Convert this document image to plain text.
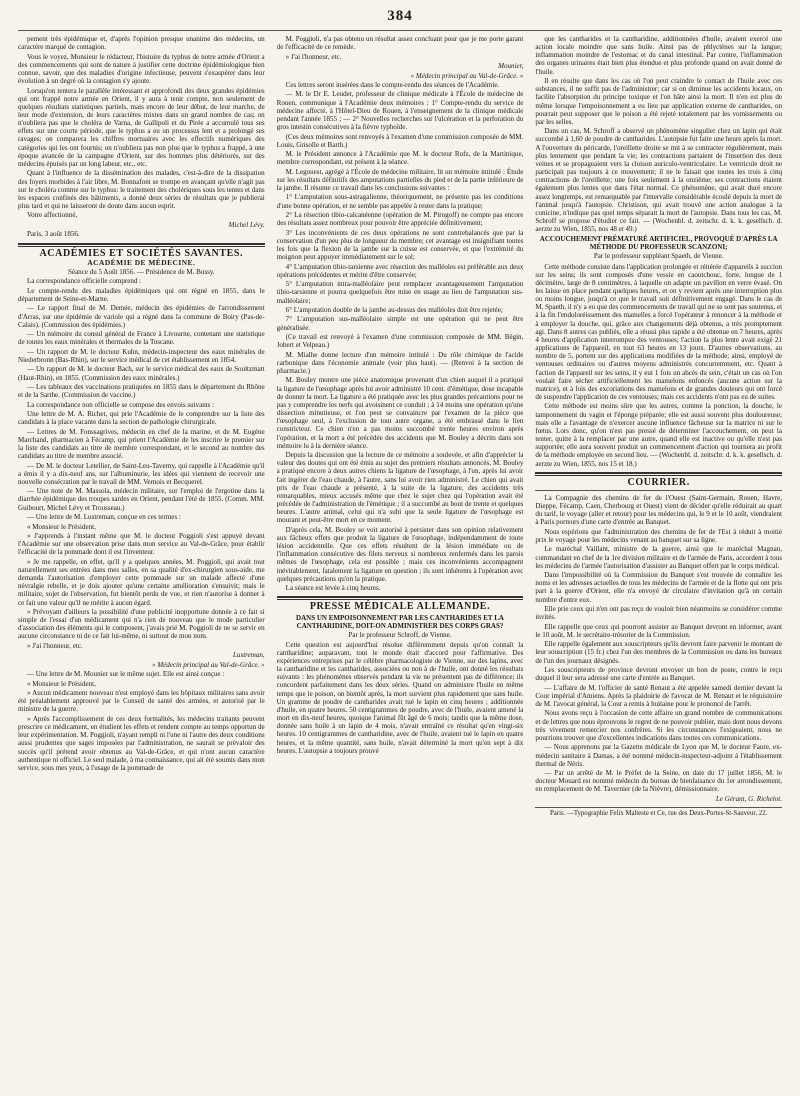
384

pement très épidémique et, d'après l'opinion presque unanime des médecins, un caractère marqué de contagion.

Vous le voyez, Monsieur le rédacteur, l'histoire du typhus de notre armée d'Orient a des commencements qui sont de nature à justifier cette doctrine épidémiologique bien connue, savoir, que des maladies d'origine infectieuse, peuvent s'exaspérer dans leur évolution à un degré où la contagion s'y ajoute.

Lorsqu'on tentera le parallèle intéressant et approfondi des deux grandes épidémies qui ont frappé notre armée en Orient, il y aura à tenir compte, non seulement de quelques résultats statistiques partiels, mais encore de leur début, de leur marche, de leur mode d'extension, de leurs caractères mixtes dans un grand nombre de cas; on n'oubliera pas que le choléra de Varna, de Gallipoli et du Pirée a accumulé tous ses effets sur une courte période, que le typhus a eu un processus lent et a prolongé ses ravages; on comparera les chiffres mortuaires avec les effectifs numériques des catégories qui les ont fournis; on n'oubliera pas non plus que le typhus a frappé, à une époque avancée de la campagne d'Orient, sur des hommes plus détériorés, sur des médecins épuisés par un long labeur, etc., etc.

Quant à l'influence de la dissémination des malades, c'est-à-dire de la dissipation des foyers morbides à l'air libre, M. Bonnafont se trompe en avançant qu'elle n'agit pas sur le choléra comme sur le typhus: le traitement des cholériques sous les tentes et dans les espaces confinés des bâtiments, a donné deux séries de résultats que je publierai plus tard et qui ne laisseront de doute dans aucun esprit.

Votre affectionné,

Michel Lévy.

Paris, 3 août 1856.

ACADÉMIES ET SOCIÉTÉS SAVANTES.
ACADÉMIE DE MÉDECINE.

Séance du 5 Août 1856. — Présidence de M. Bussy.

La correspondance officielle comprend :

Le compte-rendu des maladies épidémiques qui ont régné en 1855, dans le département de Seine-et-Marne.

— Le rapport final de M. Demée, médecin des épidémies de l'arrondissement d'Arras, sur une épidémie de variole qui a régné dans la commune de Boiry (Pas-de-Calais). (Commission des épidémies.)

— Un mémoire du consul général de France à Livourne, contenant une statistique de toutes les eaux minérales et thermales de la Toscane.

— Un rapport de M. le docteur Kuhn, médecin-inspecteur des eaux minérales de Niederbronn (Bas-Rhin), sur le service médical de cet établissement en 1854.

— Un rapport de M. le docteur Bach, sur le service médical des eaux de Soultzmatt (Haut-Rhin), en 1855. (Commission des eaux minérales.)

— Les tableaux des vaccinations pratiquées en 1855 dans le département du Rhône et de la Sarthe. (Commission de vaccine.)

La correspondance non officielle se compose des envois suivants :

Une lettre de M. A. Richet, qui prie l'Académie de le comprendre sur la liste des candidats à la place vacante dans la section de pathologie chirurgicale.

— Lettres de M. Fonssagrives, médecin en chef de la marine, et de M. Eugène Marchand, pharmacien à Fécamp, qui prient l'Académie de les inscrire le premier sur la liste des candidats au titre de membre correspondant, et le second au nombre des candidats au titre de membre associé.

— De M. le docteur Letellier, de Saint-Leu-Taverny, qui rappelle à l'Académie qu'il a émis il y a dix-neuf ans, sur l'albuminurie, les idées qui viennent de recevoir une nouvelle consécration par le travail de MM. Vernois et Becquerel.

— Une note de M. Massola, médecin militaire, sur l'emploi de l'ergotine dans la diarrhée épidémique des troupes sardes en Orient, pendant l'été de 1855. (Comm. MM. Guibourt, Michel Lévy et Trousseau.)

— Une lettre de M. Lustreman, conçue en ces termes :

« Monsieur le Président,

» J'apprends à l'instant même que M. le docteur Poggioli s'est appuyé devant l'Académie sur une observation prise dans mon service au Val-de-Grâce, pour établir l'efficacité de la pommade dont il est l'inventeur.

» Je me rappelle, en effet, qu'il y a quelques années, M. Poggioli, qui avait tout naturellement ses entrées dans mes salles, en sa qualité d'ex-chirurgien sous-aide, me demanda l'autorisation d'employer cette pommade sur un malade affecté d'une névralgie rebelle, et je dois ajouter qu'une certaine amélioration s'ensuivit; mais le militaire, sujet de l'observation, fut bientôt perdu de vue, et rien n'autorise à donner à ce fait une valeur qu'il ne mérite à aucun égard.

» Prévoyant d'ailleurs la possibilité d'une publicité inopportune donnée à ce fait si simple de l'essai d'un médicament qui n'a rien de nouveau que le mode particulier d'association des éléments qui le composent, j'avais prié M. Poggioli de ne se servir en aucune circonstance ni de ce fait lui-même, ni surtout de mon nom.

» J'ai l'honneur, etc.

Lustreman,

» Médecin principal au Val-de-Grâce. »

— Une lettre de M. Mounier sur le même sujet. Elle est ainsi conçue :

« Monsieur le Président,

» Aucun médicament nouveau n'est employé dans les hôpitaux militaires sans avoir été préalablement approuvé par le Conseil de santé des armées, et autorisé par le ministre de la guerre.

» Après l'accomplissement de ces deux formalités, les médecins traitants peuvent prescrire ce médicament, en étudient les effets et rendent compte au temps opportun de leur expérimentation. M. Poggioli, n'ayant rempli ni l'une ni l'autre des deux conditions aussi prudentes que sages imposées par l'administration, ne saurait se prévaloir des succès qu'il prétend avoir obtenus au Val-de-Grâce, et qui n'ont aucun caractère authentique ni officiel. Le seul malade, à ma connaissance, qui ait été soumis dans mon service, sous mes yeux, à l'usage de la pommade de

M. Poggioli, n'a pas obtenu un résultat assez concluant pour que je me porte garant de l'efficacité de ce remède.

» J'ai l'honneur, etc.

Mounier,

» Médecin principal au Val-de-Grâce. »

Ces lettres seront insérées dans le compte-rendu des séances de l'Académie.

— M. le Dr E. Leudet, professeur de clinique médicale à l'École de médecine de Rouen, communique à l'Académie deux mémoires : 1° Compte-rendu du service de médecine affecté, à l'Hôtel-Dieu de Rouen, à l'enseignement de la clinique médicale pendant l'année 1855 ; — 2° Nouvelles recherches sur l'ulcération et la perforation du gros intestin consécutives à la fièvre typhoïde.

(Ces deux mémoires sont renvoyés à l'examen d'une commission composée de MM. Louis, Grisolle et Barth.)

M. le Président annonce à l'Académie que M. le docteur Rufz, de la Martinique, membre correspondant, est présent à la séance.

M. Legouest, agrégé à l'École de médecine militaire, lit un mémoire intitulé : Étude sur les résultats définitifs des amputations partielles du pied et de la partie inférieure de la jambe. Il résume ce travail dans les conclusions suivantes :

1° L'amputation sous-astragalienne, théoriquement, ne présente pas les conditions d'une bonne opération, et ne semble pas appelée à rester dans la pratique;

2° La résection tibio-calcanéenne (opération de M. Pirogoff) ne compte pas encore des résultats assez nombreux pour pouvoir être appréciée définitivement;

3° Les inconvénients de ces deux opérations ne sont contrebalancés que par la conservation d'un peu plus de longueur du membre; cet avantage est insignifiant toutes les fois que la flexion de la jambe sur la cuisse est conservée, et que l'extrémité du moignon peut appuyer immédiatement sur le sol;

4° L'amputation tibio-tarsienne avec résection des malléoles est préférable aux deux opérations précédentes et mérite d'être conservée;

5° L'amputation intra-malléolaire peut remplacer avantageusement l'amputation tibio-tarsienne et pourra quelquefois être mise en usage au lieu de l'amputation sus-malléolaire;

6° L'amputation double de la jambe au-dessus des malléoles doit être rejetée;

7° L'amputation sus-malléolaire simple est une opération qui ne peut être généralisée.

(Ce travail est renvoyé à l'examen d'une commission composée de MM. Bégin, Jobert et Velpeau.)

M. Mialhe donne lecture d'un mémoire intitulé : Du rôle chimique de l'acide carbonique dans l'économie animale (voir plus haut). — (Renvoi à la section de pharmacie.)

M. Bouley montre une pièce anatomique provenant d'un chien auquel il a pratiqué la ligature de l'œsophage après lui avoir administré 10 cent. d'émétique, dose incapable de donner la mort. La ligature a été pratiquée avec les plus grandes précautions pour ne pas y comprendre les nerfs qui avoisinent ce conduit ; à 14 moins une opération qu'une dissection minutieuse, et l'on peut se convaincre par l'examen de la pièce que l'œsophage seul, à l'exclusion de tout autre organe, a été embrassé dans le lien constricteur. Ce chien n'en a pas moins succombé trente heures environ après l'opération, et la mort a été précédée des accidents que M. Bouley a décrits dans son mémoire lu à la dernière séance.

Depuis la discussion que la lecture de ce mémoire a soulevée, et afin d'apprécier la valeur des doutes qui ont été émis au sujet des premiers résultats annoncés, M. Bouley a pratiqué encore à deux autres chiens la ligature de l'œsophage, à l'un, après lui avoir fait ingérer de l'eau chaude, à l'autre, sans lui avoir rien administré. Le chien qui avait pris de l'eau chaude a présenté, à la suite de la ligature, des accidents très remarquables, mieux accusés même que chez le sujet chez qui l'opération avait été précédée de l'administration de l'émétique ; il a succombé au bout de trente et quelques heures. L'autre animal, celui qui n'a subi que la seule ligature de l'œsophage est mourant et peut-être mort en ce moment.

D'après cela, M. Bouley se voit autorisé à persister dans son opinion relativement aux fâcheux effets que produit la ligature de l'œsophage, indépendamment de toute lésion accidentelle. Que ces effets résultent de la lésion immédiate ou de l'inflammation consécutive des filets nerveux si nombreux renfermés dans les parois mêmes de l'œsophage, cela est possible ; mais ces inconvénients accompagnent inévitablement, fatalement la ligature en question ; ils sont inhérents à l'opération avec quelques précautions qu'on la pratique.

La séance est levée à cinq heures.

PRESSE MÉDICALE ALLEMANDE.
DANS UN EMPOISONNEMENT PAR LES CANTHARIDES ET LA CANTHARIDINE, DOIT-ON ADMINISTRER DES CORPS GRAS?
Par le professeur Schroff, de Vienne.

Cette question est aujourd'hui résolue différemment depuis qu'on connaît la cantharidine; auparavant, tout le monde était d'accord pour l'affirmative. Des expériences entreprises par le célèbre pharmacologiste de Vienne, sur des lapins, avec la cantharidine et les cantharides, associées ou non à de l'huile, ont donné les résultats suivants : les phénomènes observés pendant la vie ne présentent pas de différence; ils concordent parfaitement dans les deux séries. Quand on administre l'huile en même temps que le poison, on bientôt après, la mort survient plus rapidement que sans huile. Un gramme de poudre de cantharides avait tué le lapin en cinq heures ; additionnée d'huile, en quatre heures. 50 centigrammes de poudre, avec de l'huile, avaient amené la mort en dix-neuf heures, quoique l'animal fût âgé de 6 mois; tandis que la même dose, donnée sans huile à un lapin de 4 mois, n'avait entraîné ce résultat qu'en vingt-six heures. 10 centigrammes de cantharidine, avec de l'huile, avaient tué le lapin en quatre heures, et la même quantité, sans huile, n'avait déterminé la mort qu'en sept à dix heures. L'autopsie a toujours prouvé

que les cantharides et la cantharidine, additionnées d'huile, avaient exercé une action locale moindre que sans huile. Ainsi pas de phlyctènes sur la langue; inflammation moindre de l'estomac et du canal intestinal. Par contre, l'inflammation des organes urinaires était bien plus étendue et plus profonde quand on avait donné de l'huile.

Il en résulte que dans les cas où l'on peut craindre le contact de l'huile avec ces substances, il ne suffit pas de l'administrer; car si on diminue les accidents locaux, on facilite l'absorption du principe toxique et l'on hâte ainsi la mort. Il n'en est plus de même lorsque l'empoisonnement a eu lieu par application externe de cantharides, on pourrait peut supposer que le poison a été rejeté totalement par les vomissements ou par les selles.

Dans un cas, M. Schroff a observé un phénomène singulier chez un lapin qui était succombé à 1,60 de poudre de cantharides. L'autopsie fut faite une heure après la mort. A l'ouverture du péricarde, l'oreillette droite se mit à se contracter régulièrement, mais plus lentement que pendant la vie; les contractions partaient de l'insertion des deux veines et se propageaient vers la cloison auriculo-ventriculaire. Le ventricule droit ne participait pas toujours à ce mouvement; il ne le faisait que toutes les trois à cinq contractions de l'oreillette; une fois seulement à la onzième; ses contractions étaient également plus lentes que dans l'état normal. Ce phénomène, qui avait duré encore assez longtemps, est remarquable par l'intervalle considérable écoulé depuis la mort de l'animal jusqu'à l'autopsie. Christison, qui avait trouvé une action analogue à la conicine, n'indique pas quel temps séparait la mort de l'autopsie. Dans tous les cas, M. Schroff se propose d'étudier ce fait. — (Wochenbl. d. zeitschr. d. k. k. gesellsch. d. aerzte zu Wien, 1855, nos 48 et 49.)

ACCOUCHEMENT PRÉMATURÉ ARTIFICIEL, PROVOQUÉ D'APRÈS LA MÉTHODE DU PROFESSEUR SCANZONI;
Par le professeur suppléant Spaeth, de Vienne.

Cette méthode consiste dans l'application prolongée et réitérée d'appareils à succion sur les seins; ils sont composés d'une vessie en caoutchouc, forte, longue de 1 décimètre, large de 8 centimètres, à laquelle on adapte un pavillon en verre évasé. On les laisse en place pendant quelques heures, et on y revient après une interruption plus ou moins longue, jusqu'à ce que le travail soit définitivement engagé. Dans le cas de M. Spaeth, il n'y a eu que des commencements de travail qui ne se sont pas soutenus, et à la fin l'endoloréissement des mamelles a forcé l'opérateur à renoncer à la méthode et à employer la douche, qui, grâce aux changements déjà obtenus, a très promptement agi. Dans 8 autres cas publiés, elle a réussi plus rapide a été obtenue en 7 heures, après 4 heures d'application interrompue des ventouses; l'action la plus lente avait exigé 21 applications de l'appareil, en tout 63 heures en 13 jours. D'autres observations, au nombre de 5, portent sur des applications modifiées de la méthode; ainsi, employé de ventouses ordinaires ou d'autres moyens administrés concurremment, etc. Quant à l'action de l'appareil sur les seins, il y eut 1 fois un abcès du sein, c'était un cas où l'on voulait faire sécher artificiellement les mamelons enfoncés (aucune action sur la matrice), et à fois des excoriations des mamelons et de grandes douleurs qui ont forcé de suspendre l'application de ces ventouses; mais ces accidents n'ont pas eu de suites.

Cette méthode est moins sûre que les autres, comme la ponction, la douche, le tamponnement du vagin et l'éponge préparée; elle est aussi souvent plus douloureuse; mais elle a l'avantage de n'exercer aucune influence fâcheuse sur la matrice ni sur le fœtus. Lors donc, qu'on n'est pas pressé de déterminer l'accouchement, on peut la tenter, quitte à la remplacer par une autre, quand elle est inactive ou qu'elle n'est pas supportée; elle aura souvent produit un commencement d'action qui tournera au profit de la méthode employée en second lieu. — (Wochenbl. d. zeitschr. d. k. k. gesellsch. d. aerzte zu Wien, 1855, nos 15 et 18.)

COURRIER.

La Compagnie des chemins de fer de l'Ouest (Saint-Germain, Rouen, Havre, Dieppe, Fécamp, Caen, Cherbourg et Ouest) vient de décider qu'elle réduirait au quart du tarif, le voyage (aller et retour) pour les médecins qui, le 9 et le 10 août, viendraient à Paris porteurs d'une carte d'entrée au Banquet.

Nous espérions que l'administration des chemins de fer de l'Est à réduit à moitié prix le voyage pour les médecins venant au banquet sur sa ligne.

Le maréchal Vaillant, ministre de la guerre, ainsi que le maréchal Magnan, commandant en chef de la 1re division militaire et de l'armée de Paris, accordent à tous les médecins de l'armée l'autorisation d'assister au Banquet offert par le corps médical.

Dans l'impossibilité où la Commission du Banquet s'est trouvée de connaître les noms et les adresses actuelles de tous les médecins de l'armée et de la flotte qui ont pris part à la guerre d'Orient, elle n'a envoyé de circulaire d'invitation qu'à un certain nombre d'entre eux.

Elle prie ceux qui n'en ont pas reçu de vouloir bien néanmoins se considérer comme invités.

Elle rappelle que ceux qui pourront assister au Banquet devront en informer, avant le 10 août, M. le secrétaire-trésorier de la Commission.

Elle rappelle également aux souscripteurs qu'ils devront faire parvenir le montant de leur souscription (15 fr.) chez l'un des membres de la Commission ou dans les bureaux de l'un des journaux désignés.

Les souscripteurs de province devront envoyer un bon de poste, contre le reçu duquel il leur sera adressé une carte d'entrée au Banquet.

— L'affaire de M. l'officier de santé Renaut a été appelée samedi dernier devant la Cour impérial d'Amiens. Après la plaidoirie de l'avocat de M. Renaut et le réquisitoire de M. l'avocat général, la Cour a remis à huitaine pour le prononcé de l'arrêt.

Nous avons reçu à l'occasion de cette affaire un grand nombre de communications et de lettres que nous éprouvons le regret de ne pouvoir publier, mais dont nous devons très vivement remercier nos confrères. Si les circonstances l'exigeaient, nous ne pourrions trouver que d'excellentes indications dans toutes ces communications.

— Nous apprenons par la Gazette médicale de Lyon que M. le docteur Faure, ex-médecin sanitaire à Damas, a été nommé médecin-inspecteur-adjoint à l'établissement thermal de Néris.

— Par un arrêté de M. le Préfet de la Seine, en date du 17 juillet 1856, M. le docteur Mouard est nommé médecin du bureau de bienfaisance du 1er arrondissement, en remplacement de M. Tavernier (de la Nièvre), démissionnaire.

Le Gérant, G. Richelot.

Paris. —Typographie Felix Malteste et Ce, rue des Deux-Portes-St-Sauveur, 22.
